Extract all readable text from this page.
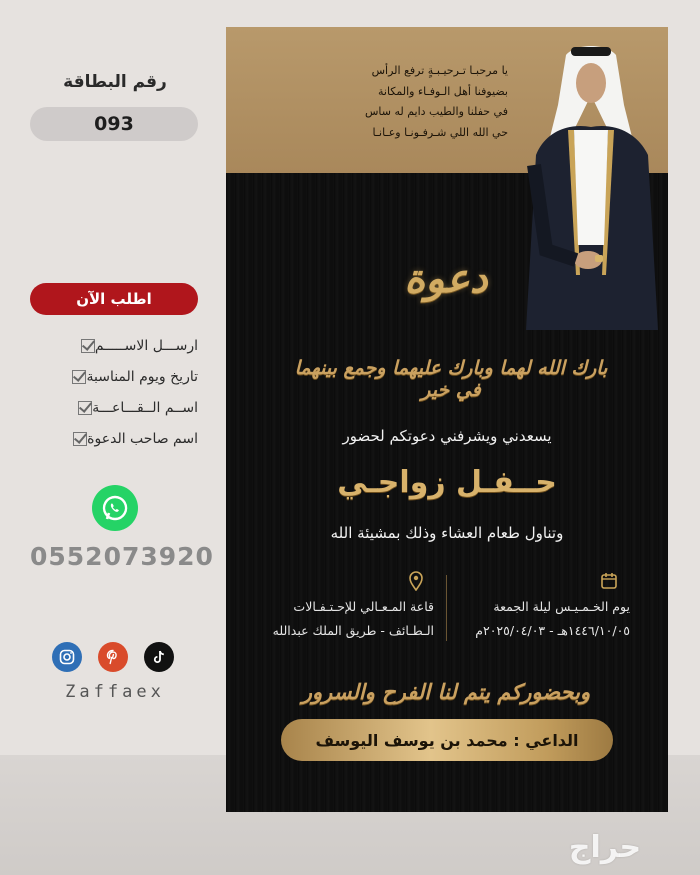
رقم البطاقة
093
اطلب الآن
ارســـل الاســـــم
تاريخ ويوم المناسبة
اســم الــقـــاعـــة
اسم صاحب الدعوة
0552073920
Zaffaex
يا مرحبـا تـرحيـبـةٍ ترفع الرأس
بضيوفنا أهل الـوفـاء والمكانة
في حفلنا والطيب دايم له ساس
حي الله اللي شـرفـونـا وعـانـا
دعوة
بارك الله لهما وبارك عليهما وجمع بينهما في خير
يسعدني ويشرفني دعوتكم لحضور
حــفـل زواجـي
وتناول طعام العشاء وذلك بمشيئة الله
يوم الخـمـيـس ليلة الجمعة
١٤٤٦/١٠/٠٥هـ - ٢٠٢٥/٠٤/٠٣م
قاعة المـعـالي للإحـتـفـالات
الـطـائف - طريق الملك عبدالله
وبحضوركم يتم لنا الفرح والسرور
الداعي : محمد بن يوسف اليوسف
حراج
